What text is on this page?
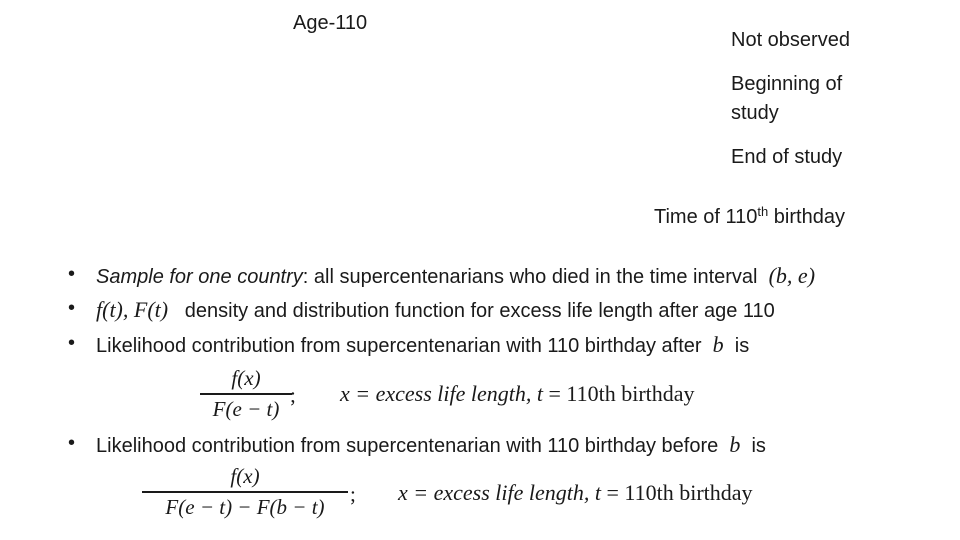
Age-110
Not observed
Beginning of
study
End of study
Time of 110th birthday
• Sample for one country: all supercentenarians who died in the time interval (b, e)
• f(t), F(t) density and distribution function for excess life length after age 110
• Likelihood contribution from supercentenarian with 110 birthday after b is
f(x)
F(e − t)
; x = excess life length, t = 110th birthday
• Likelihood contribution from supercentenarian with 110 birthday before b is
f(x)
F(e − t) − F(b − t)
; x = excess life length, t = 110th birthday
